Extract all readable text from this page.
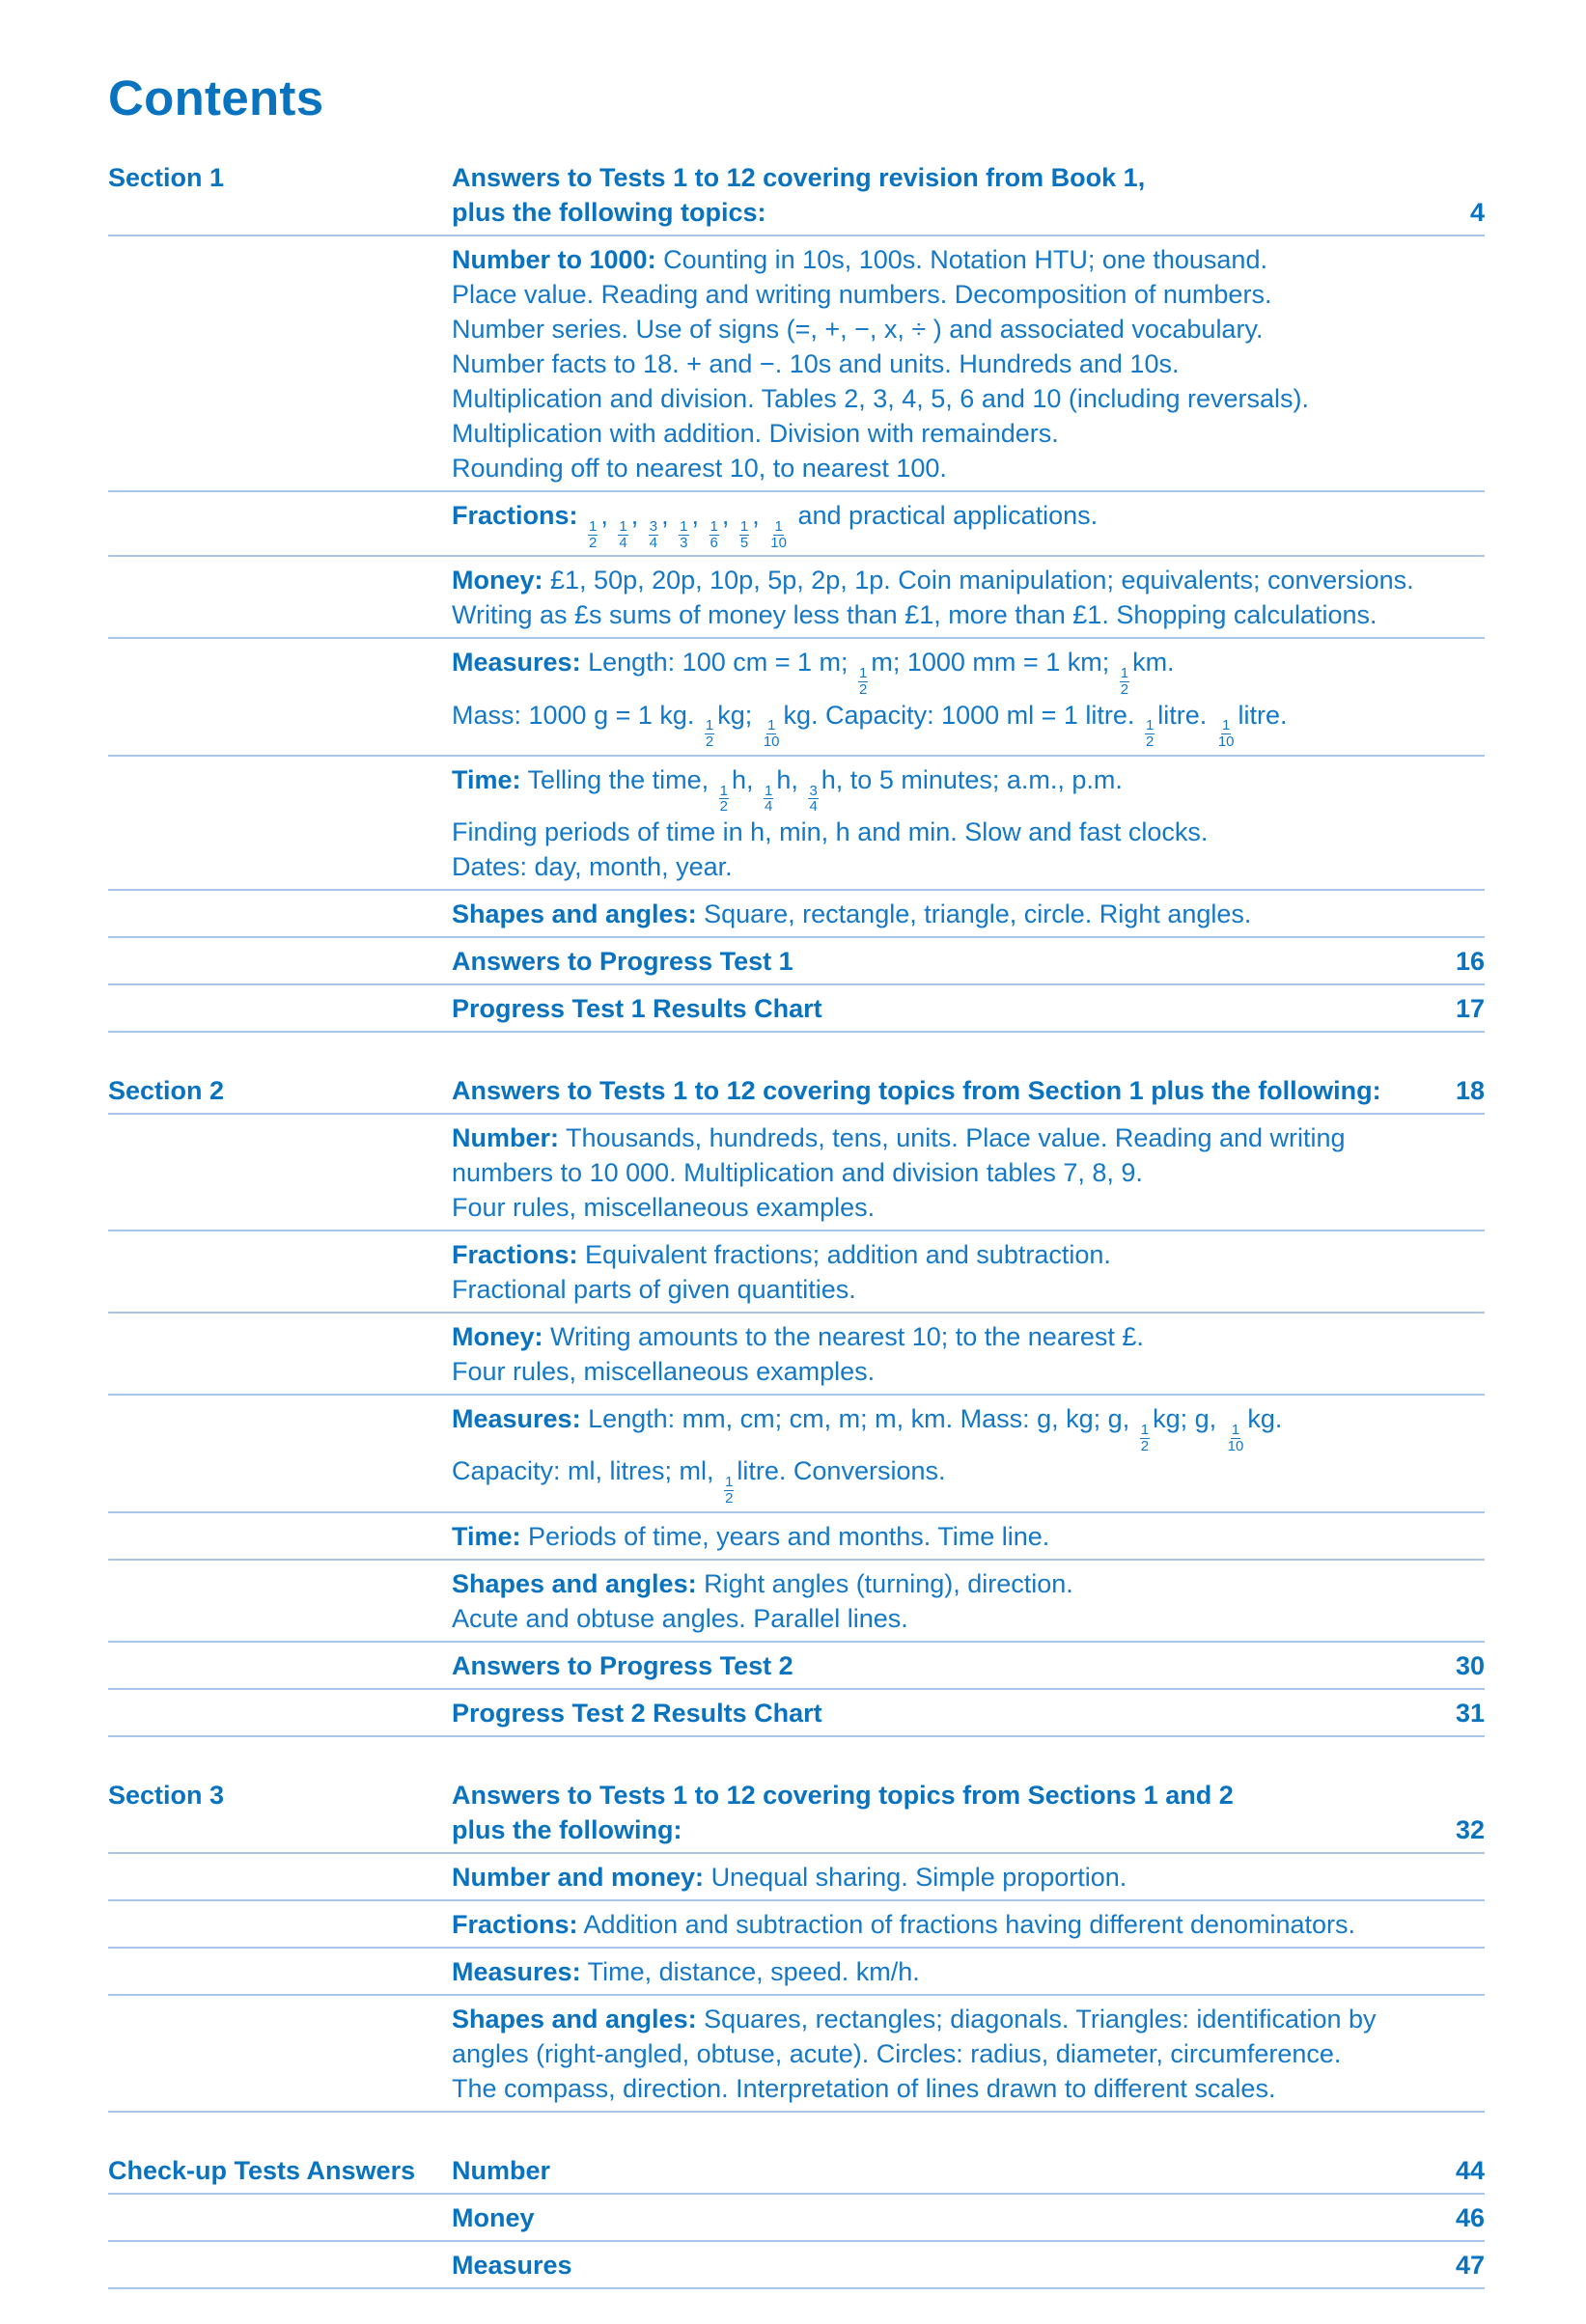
Contents
Section 1	Answers to Tests 1 to 12 covering revision from Book 1,
plus the following topics:	4
Number to 1000: Counting in 10s, 100s. Notation HTU; one thousand.
Place value. Reading and writing numbers. Decomposition of numbers.
Number series. Use of signs (=, +, −, x, ÷ ) and associated vocabulary.
Number facts to 18. + and −. 10s and units. Hundreds and 10s.
Multiplication and division. Tables 2, 3, 4, 5, 6 and 10 (including reversals).
Multiplication with addition. Division with remainders.
Rounding off to nearest 10, to nearest 100.
Fractions:
$\frac{1}{2}$
,
$\frac{1}{4}$
,
$\frac{3}{4}$
,
$\frac{1}{3}$
,
$\frac{1}{6}$
,
$\frac{1}{5}$
,
$\frac{1}{10}$
and practical applications.
Money: £1, 50p, 20p, 10p, 5p, 2p, 1p. Coin manipulation; equivalents; conversions.
Writing as £s sums of money less than £1, more than £1. Shopping calculations.
Measures: Length: 100 cm = 1 m;
$\frac{1}{2}$
m; 1000 mm = 1 km;
$\frac{1}{2}$
km.
Mass: 1000 g = 1 kg.
$\frac{1}{2}$
kg;
$\frac{1}{10}$
kg. Capacity: 1000 ml = 1 litre.
$\frac{1}{2}$
litre.
$\frac{1}{10}$
litre.
Time: Telling the time,
$\frac{1}{2}$
h,
$\frac{1}{4}$
h,
$\frac{3}{4}$
h, to 5 minutes; a.m., p.m.
Finding periods of time in h, min, h and min. Slow and fast clocks.
Dates: day, month, year.
Shapes and angles: Square, rectangle, triangle, circle. Right angles.
Answers to Progress Test 1	16
Progress Test 1 Results Chart	17
Section 2	Answers to Tests 1 to 12 covering topics from Section 1 plus the following:	18
Number: Thousands, hundreds, tens, units. Place value. Reading and writing
numbers to 10 000. Multiplication and division tables 7, 8, 9.
Four rules, miscellaneous examples.
Fractions: Equivalent fractions; addition and subtraction.
Fractional parts of given quantities.
Money: Writing amounts to the nearest 10; to the nearest £.
Four rules, miscellaneous examples.
Measures: Length: mm, cm; cm, m; m, km. Mass: g, kg; g,
$\frac{1}{2}$
kg; g,
$\frac{1}{10}$
kg.
Capacity: ml, litres; ml,
$\frac{1}{2}$
litre. Conversions.
Time: Periods of time, years and months. Time line.
Shapes and angles: Right angles (turning), direction.
Acute and obtuse angles. Parallel lines.
Answers to Progress Test 2	30
Progress Test 2 Results Chart	31
Section 3	Answers to Tests 1 to 12 covering topics from Sections 1 and 2
plus the following:	32
Number and money: Unequal sharing. Simple proportion.
Fractions: Addition and subtraction of fractions having different denominators.
Measures: Time, distance, speed. km/h.
Shapes and angles: Squares, rectangles; diagonals. Triangles: identification by
angles (right-angled, obtuse, acute). Circles: radius, diameter, circumference.
The compass, direction. Interpretation of lines drawn to different scales.
Check-up Tests Answers	Number	44
Money	46
Measures	47
